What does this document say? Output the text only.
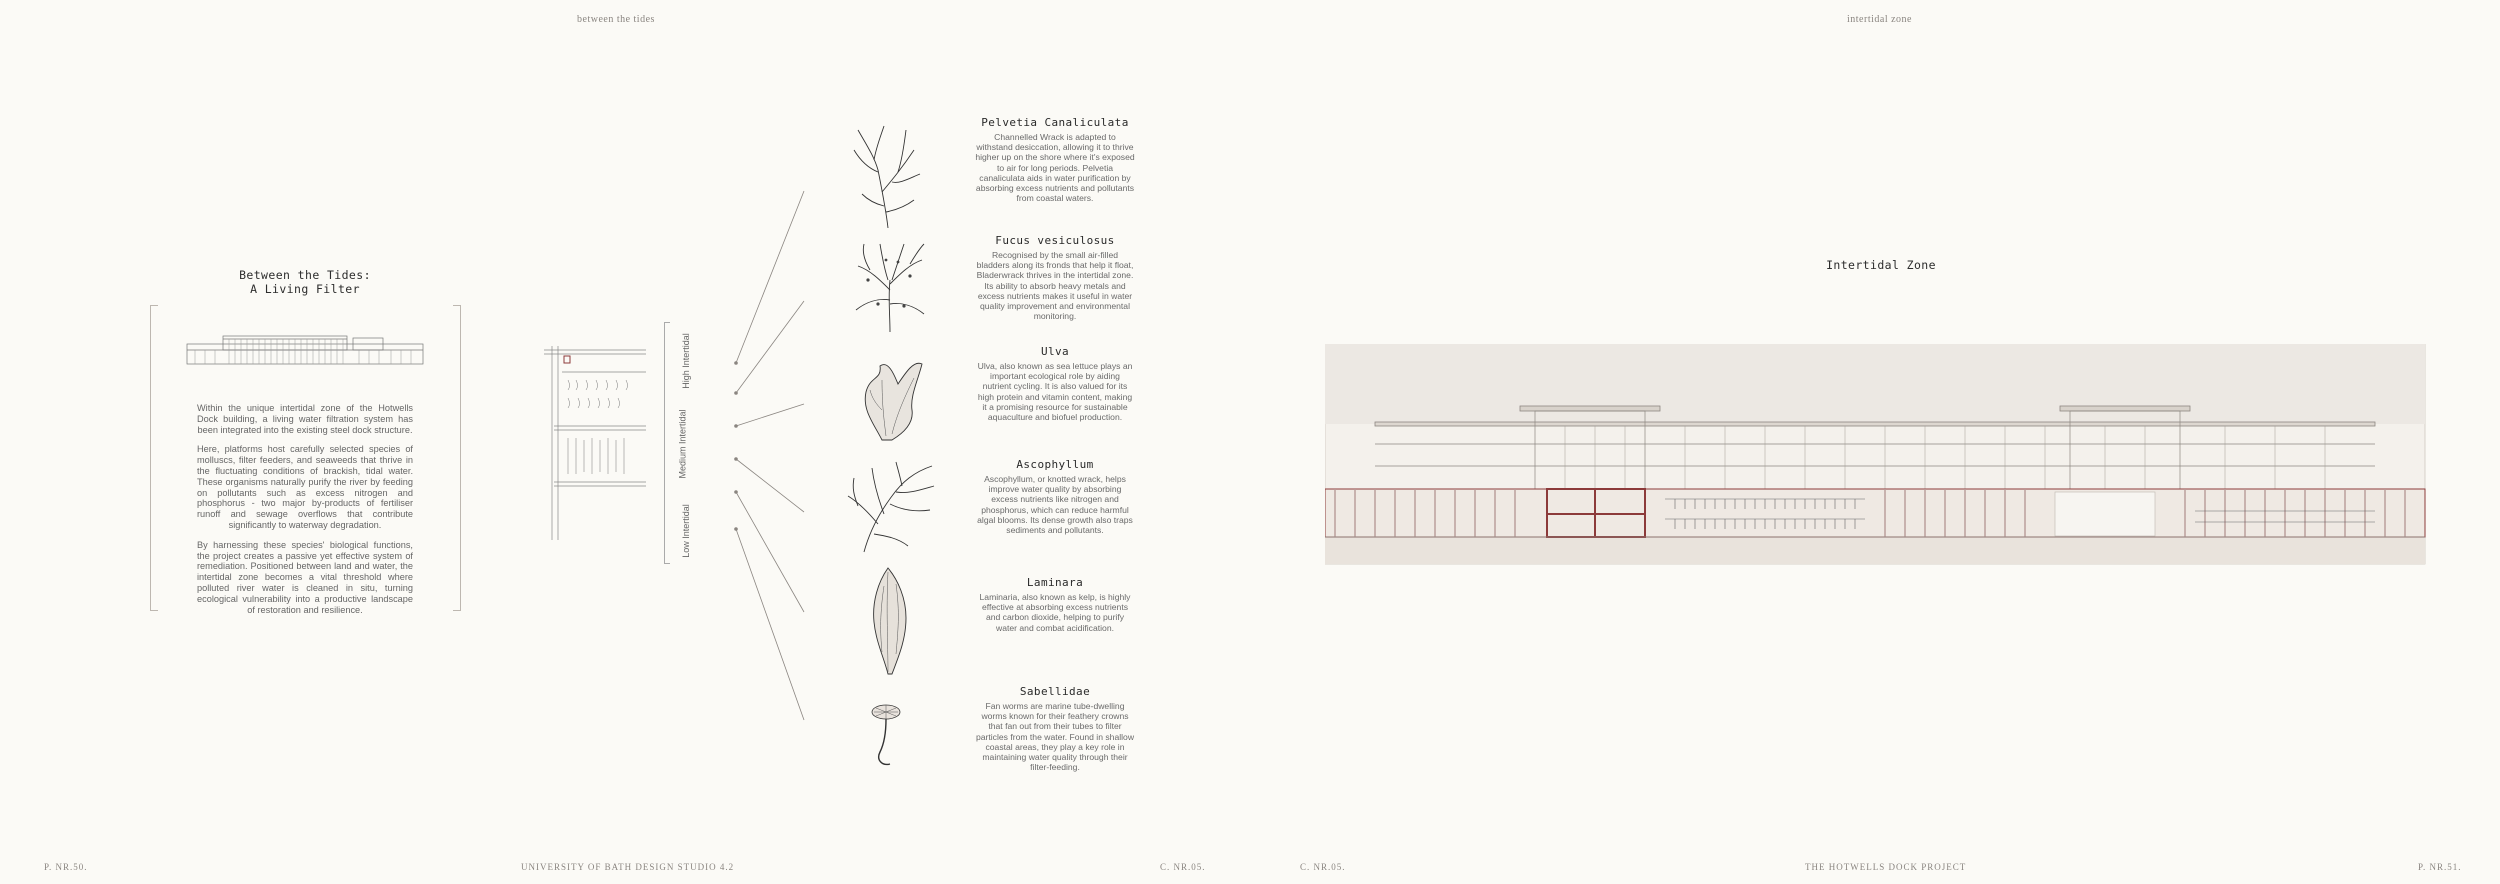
between the tides	intertidal zone
Between the Tides:
A Living Filter

Within the unique intertidal zone of the Hotwells Dock building, a living water filtration system has been integrated into the existing steel dock structure.

Here, platforms host carefully selected species of molluscs, filter feeders, and seaweeds that thrive in the fluctuating conditions of brackish, tidal water. These organisms naturally purify the river by feeding on pollutants such as excess nitrogen and phosphorus - two major by-products of fertiliser runoff and sewage overflows that contribute significantly to waterway degradation.

By harnessing these species' biological functions, the project creates a passive yet effective system of remediation. Positioned between land and water, the intertidal zone becomes a vital threshold where polluted river water is cleaned in situ, turning ecological vulnerability into a productive landscape of restoration and resilience.

High Intertidal
Medium Intertidal
Low Intertidal
Pelvetia Canaliculata
Channelled Wrack is adapted to withstand desiccation, allowing it to thrive higher up on the shore where it's exposed to air for long periods. Pelvetia canaliculata aids in water purification by absorbing excess nutrients and pollutants from coastal waters.
Fucus vesiculosus
Recognised by the small air-filled bladders along its fronds that help it float, Bladerwrack thrives in the intertidal zone. Its ability to absorb heavy metals and excess nutrients makes it useful in water quality improvement and environmental monitoring.
Ulva
Ulva, also known as sea lettuce plays an important ecological role by aiding nutrient cycling. It is also valued for its high protein and vitamin content, making it a promising resource for sustainable aquaculture and biofuel production.
Ascophyllum
Ascophyllum, or knotted wrack, helps improve water quality by absorbing excess nutrients like nitrogen and phosphorus, which can reduce harmful algal blooms. Its dense growth also traps sediments and pollutants.
Laminara
Laminaria, also known as kelp, is highly effective at absorbing excess nutrients and carbon dioxide, helping to purify water and combat acidification.
Sabellidae
Fan worms are marine tube-dwelling worms known for their feathery crowns that fan out from their tubes to filter particles from the water. Found in shallow coastal areas, they play a key role in maintaining water quality through their filter-feeding.
Intertidal Zone
P. NR.50.	UNIVERSITY OF BATH DESIGN STUDIO 4.2	C. NR.05.	C. NR.05.	THE HOTWELLS DOCK PROJECT	P. NR.51.
